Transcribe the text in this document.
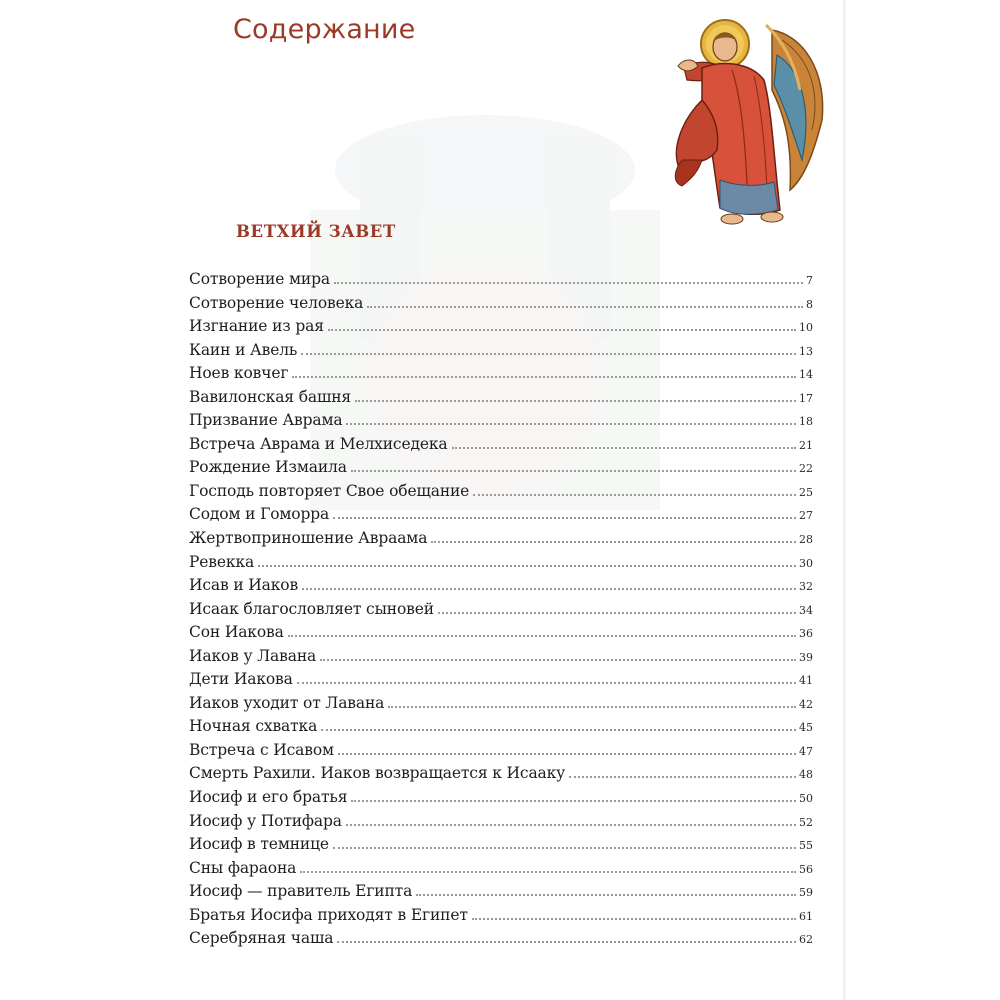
Содержание
ВЕТХИЙ ЗАВЕТ
Сотворение мира	7
Сотворение человека	8
Изгнание из рая	10
Каин и Авель	13
Ноев ковчег	14
Вавилонская башня	17
Призвание Аврама	18
Встреча Аврама и Мелхиседека	21
Рождение Измаила	22
Господь повторяет Свое обещание	25
Содом и Гоморра	27
Жертвоприношение Авраама	28
Ревекка	30
Исав и Иаков	32
Исаак благословляет сыновей	34
Сон Иакова	36
Иаков у Лавана	39
Дети Иакова	41
Иаков уходит от Лавана	42
Ночная схватка	45
Встреча с Исавом	47
Смерть Рахили. Иаков возвращается к Исааку	48
Иосиф и его братья	50
Иосиф у Потифара	52
Иосиф в темнице	55
Сны фараона	56
Иосиф — правитель Египта	59
Братья Иосифа приходят в Египет	61
Серебряная чаша	62
